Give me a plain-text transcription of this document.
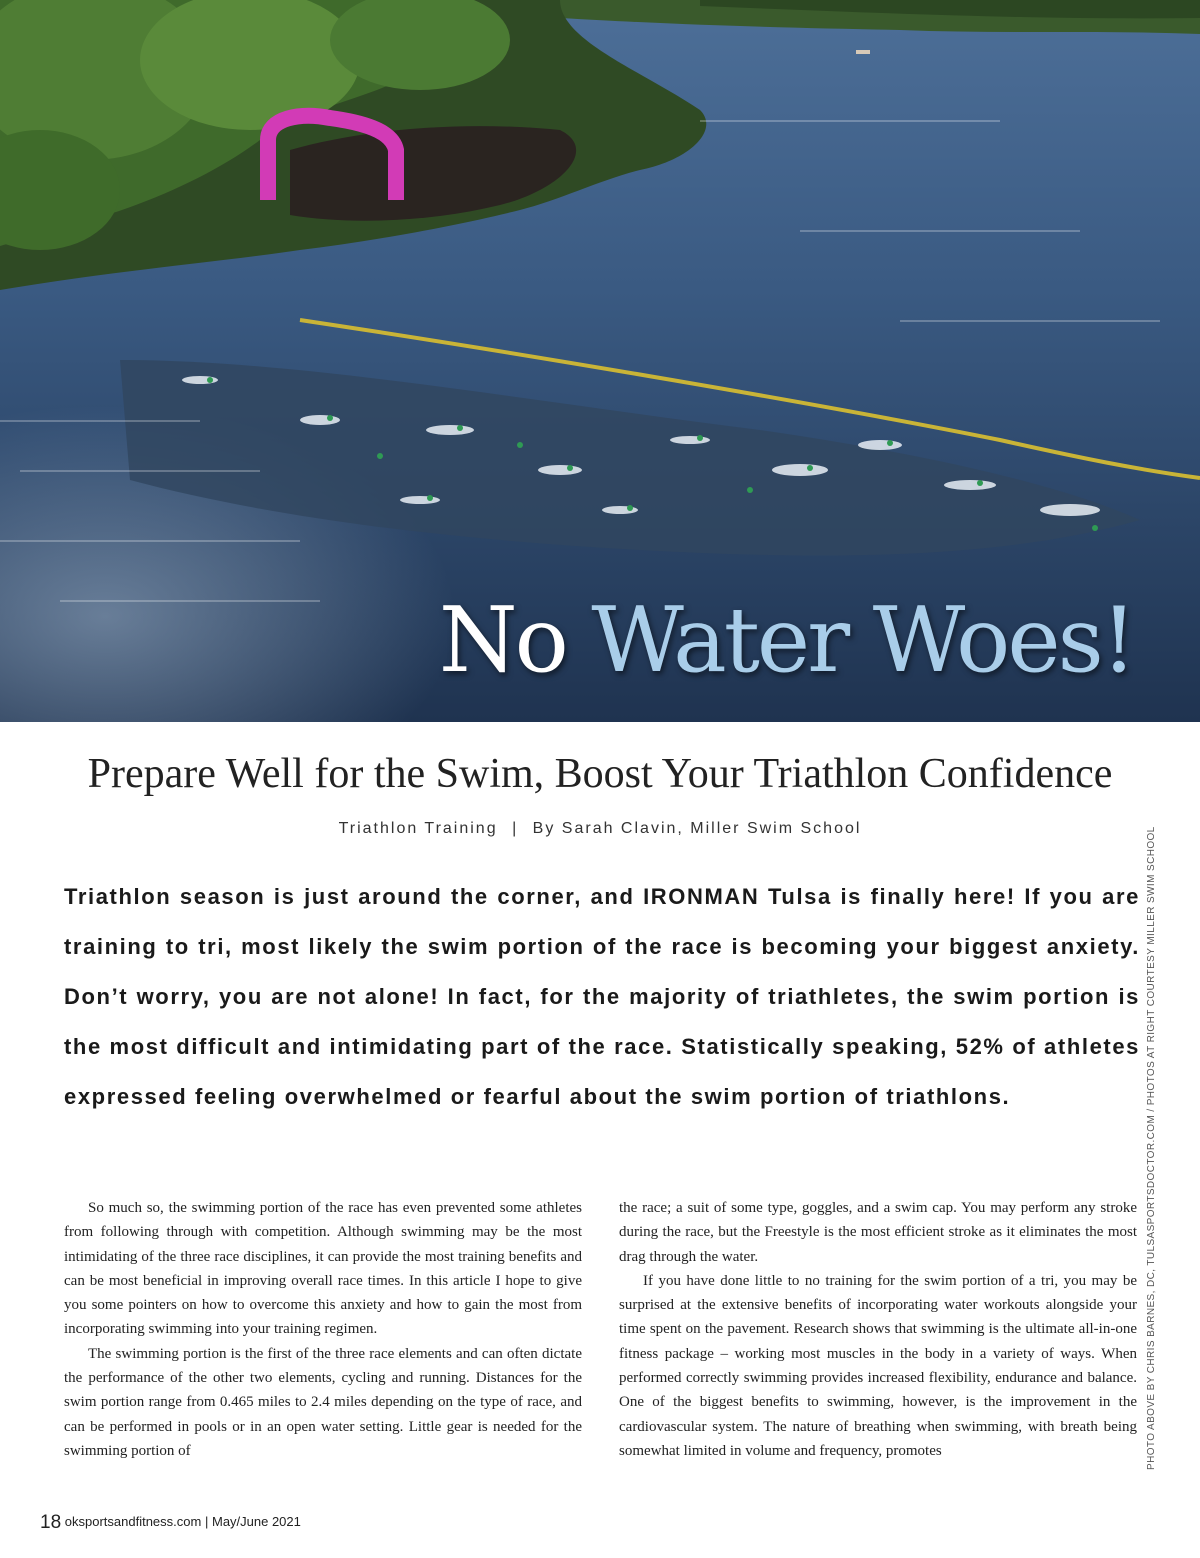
No Water Woes!
Prepare Well for the Swim, Boost Your Triathlon Confidence
Triathlon Training | By Sarah Clavin, Miller Swim School	PHOTO ABOVE BY CHRIS BARNES, DC, TULSASPORTSDOCTOR.COM / PHOTOS AT RIGHT COURTESY MILLER SWIM SCHOOL

Triathlon season is just around the corner, and IRONMAN Tulsa is finally here! If you are training to tri, most likely the swim portion of the race is becoming your biggest anxiety. Don’t worry, you are not alone! In fact, for the majority of triathletes, the swim portion is the most difficult and intimidating part of the race. Statistically speaking, 52% of athletes expressed feeling overwhelmed or fearful about the swim portion of triathlons.

So much so, the swimming portion of the race has even prevented some athletes from following through with competition. Although swimming may be the most intimidating of the three race disciplines, it can provide the most training benefits and can be most beneficial in improving overall race times. In this article I hope to give you some pointers on how to overcome this anxiety and how to gain the most from incorporating swimming into your training regimen.

The swimming portion is the first of the three race elements and can often dictate the performance of the other two elements, cycling and running. Distances for the swim portion range from 0.465 miles to 2.4 miles depending on the type of race, and can be performed in pools or in an open water setting. Little gear is needed for the swimming portion of

the race; a suit of some type, goggles, and a swim cap. You may perform any stroke during the race, but the Freestyle is the most efficient stroke as it eliminates the most drag through the water.

If you have done little to no training for the swim portion of a tri, you may be surprised at the extensive benefits of incorporating water workouts alongside your time spent on the pavement. Research shows that swimming is the ultimate all-in-one fitness package – working most muscles in the body in a variety of ways. When performed correctly swimming provides increased flexibility, endurance and balance. One of the biggest benefits to swimming, however, is the improvement in the cardiovascular system. The nature of breathing when swimming, with breath being somewhat limited in volume and frequency, promotes

18 oksportsandfitness.com | May/June 2021
